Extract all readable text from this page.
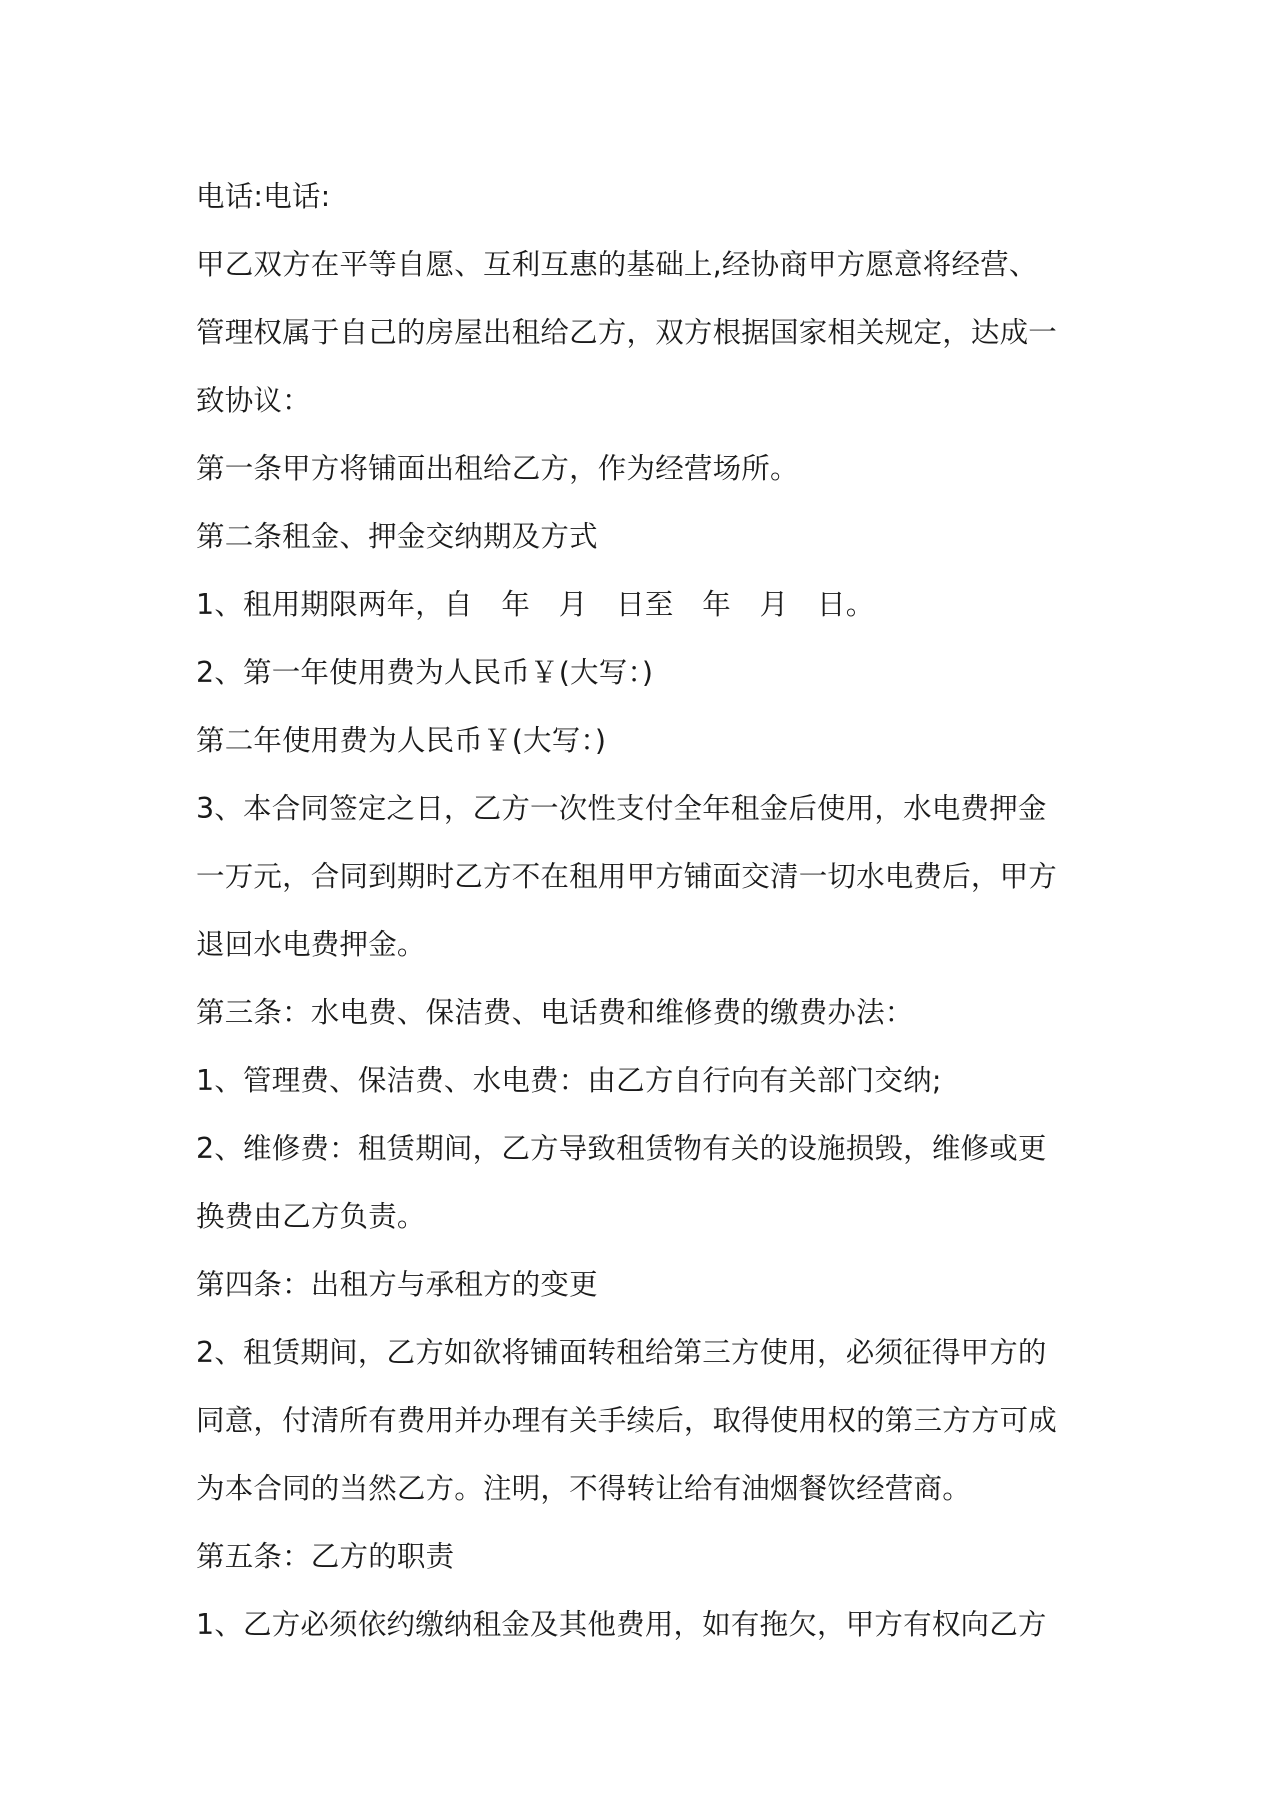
电话:电话:
甲乙双方在平等自愿、互利互惠的基础上,经协商甲方愿意将经营、
管理权属于自己的房屋出租给乙方，双方根据国家相关规定，达成一
致协议：
第一条甲方将铺面出租给乙方，作为经营场所。
第二条租金、押金交纳期及方式
1、租用期限两年，自　年　月　日至　年　月　日。
2、第一年使用费为人民币￥(大写：)
第二年使用费为人民币￥(大写：)
3、本合同签定之日，乙方一次性支付全年租金后使用，水电费押金
一万元，合同到期时乙方不在租用甲方铺面交清一切水电费后，甲方
退回水电费押金。
第三条：水电费、保洁费、电话费和维修费的缴费办法：
1、管理费、保洁费、水电费：由乙方自行向有关部门交纳;
2、维修费：租赁期间，乙方导致租赁物有关的设施损毁，维修或更
换费由乙方负责。
第四条：出租方与承租方的变更
2、租赁期间，乙方如欲将铺面转租给第三方使用，必须征得甲方的
同意，付清所有费用并办理有关手续后，取得使用权的第三方方可成
为本合同的当然乙方。注明，不得转让给有油烟餐饮经营商。
第五条：乙方的职责
1、乙方必须依约缴纳租金及其他费用，如有拖欠，甲方有权向乙方
